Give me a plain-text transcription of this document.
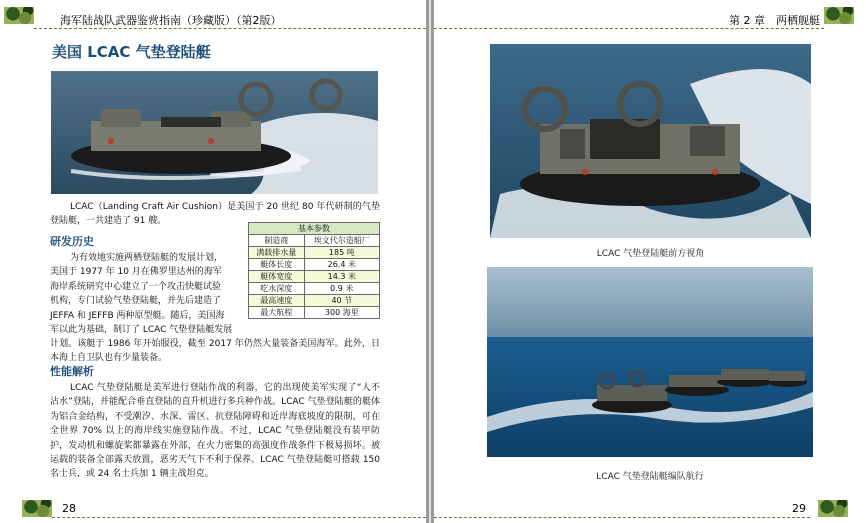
海军陆战队武器鉴赏指南（珍藏版）（第2版）
美国 LCAC 气垫登陆艇
LCAC（Landing Craft Air Cushion）是美国于 20 世纪 80 年代研制的气垫登陆艇，一共建造了 91 艘。
研发历史
为有效地实施两栖登陆艇的发展计划，
美国于 1977 年 10 月在佛罗里达州的海军
海岸系统研究中心建立了一个攻击快艇试验
机构，专门试验气垫登陆艇，并先后建造了
JEFFA 和 JEFFB 两种原型艇。随后，美国海
军以此为基础，制订了 LCAC 气垫登陆艇发展
计划。该艇于 1986 年开始服役，截至 2017 年仍然大量装备美国海军。此外，日本海上自卫队也有少量装备。
基本参数	
制造商	埃文代尔造船厂
满载排水量	185 吨
艇体长度	26.4 米
艇体宽度	14.3 米
吃水深度	0.9 米
最高速度	40 节
最大航程	300 海里
性能解析
LCAC 气垫登陆艇是美军进行登陆作战的利器，它的出现使美军实现了“人不沾水”登陆，并能配合垂直登陆的直升机进行多兵种作战。LCAC 气垫登陆艇的艇体为铝合金结构，不受潮汐、水深、雷区、抗登陆障碍和近岸海底坡度的限制，可在全世界 70% 以上的海岸线实施登陆作战。不过，LCAC 气垫登陆艇没有装甲防护，发动机和螺旋桨都暴露在外部，在火力密集的高强度作战条件下极易损坏。被运载的装备全部露天放置，恶劣天气下不利于保养。LCAC 气垫登陆艇可搭载 150 名士兵，或 24 名士兵加 1 辆主战坦克。
28
第 2 章　两栖舰艇
LCAC 气垫登陆艇前方视角
LCAC 气垫登陆艇编队航行
29
